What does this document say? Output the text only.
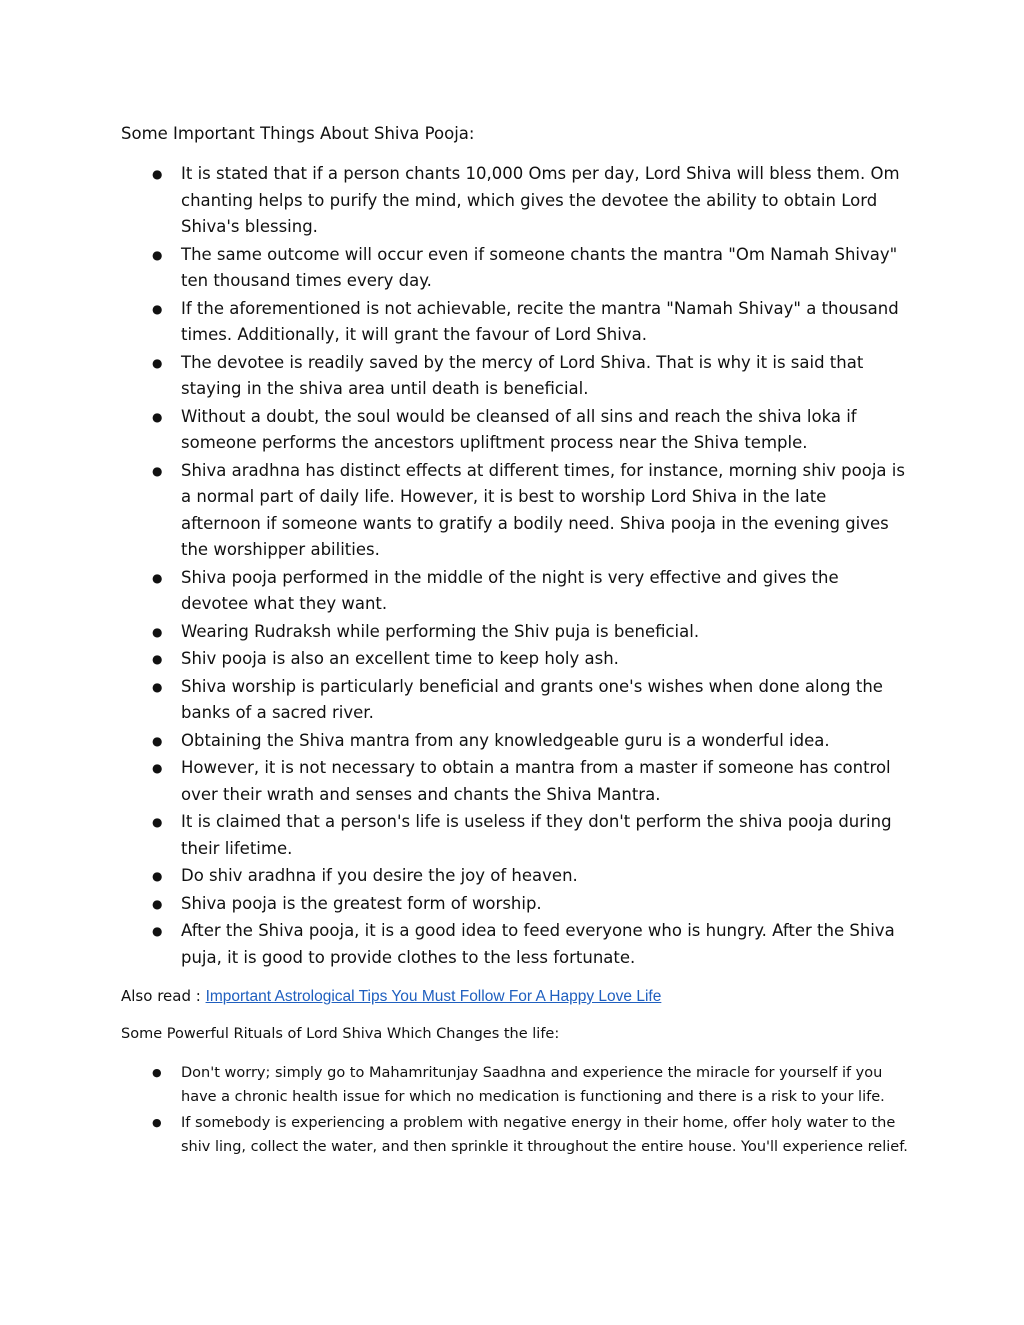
Some Important Things About Shiva Pooja:
● It is stated that if a person chants 10,000 Oms per day, Lord Shiva will bless them. Om chanting helps to purify the mind, which gives the devotee the ability to obtain Lord Shiva's blessing.
● The same outcome will occur even if someone chants the mantra "Om Namah Shivay" ten thousand times every day.
● If the aforementioned is not achievable, recite the mantra "Namah Shivay" a thousand times. Additionally, it will grant the favour of Lord Shiva.
● The devotee is readily saved by the mercy of Lord Shiva. That is why it is said that staying in the shiva area until death is beneficial.
● Without a doubt, the soul would be cleansed of all sins and reach the shiva loka if someone performs the ancestors upliftment process near the Shiva temple.
● Shiva aradhna has distinct effects at different times, for instance, morning shiv pooja is a normal part of daily life. However, it is best to worship Lord Shiva in the late afternoon if someone wants to gratify a bodily need. Shiva pooja in the evening gives the worshipper abilities.
● Shiva pooja performed in the middle of the night is very effective and gives the devotee what they want.
● Wearing Rudraksh while performing the Shiv puja is beneficial.
● Shiv pooja is also an excellent time to keep holy ash.
● Shiva worship is particularly beneficial and grants one's wishes when done along the banks of a sacred river.
● Obtaining the Shiva mantra from any knowledgeable guru is a wonderful idea.
● However, it is not necessary to obtain a mantra from a master if someone has control over their wrath and senses and chants the Shiva Mantra.
● It is claimed that a person's life is useless if they don't perform the shiva pooja during their lifetime.
● Do shiv aradhna if you desire the joy of heaven.
● Shiva pooja is the greatest form of worship.
● After the Shiva pooja, it is a good idea to feed everyone who is hungry. After the Shiva puja, it is good to provide clothes to the less fortunate.
Also read : Important Astrological Tips You Must Follow For A Happy Love Life
Some Powerful Rituals of Lord Shiva Which Changes the life:
● Don't worry; simply go to Mahamritunjay Saadhna and experience the miracle for yourself if you have a chronic health issue for which no medication is functioning and there is a risk to your life.
● If somebody is experiencing a problem with negative energy in their home, offer holy water to the shiv ling, collect the water, and then sprinkle it throughout the entire house. You'll experience relief.
